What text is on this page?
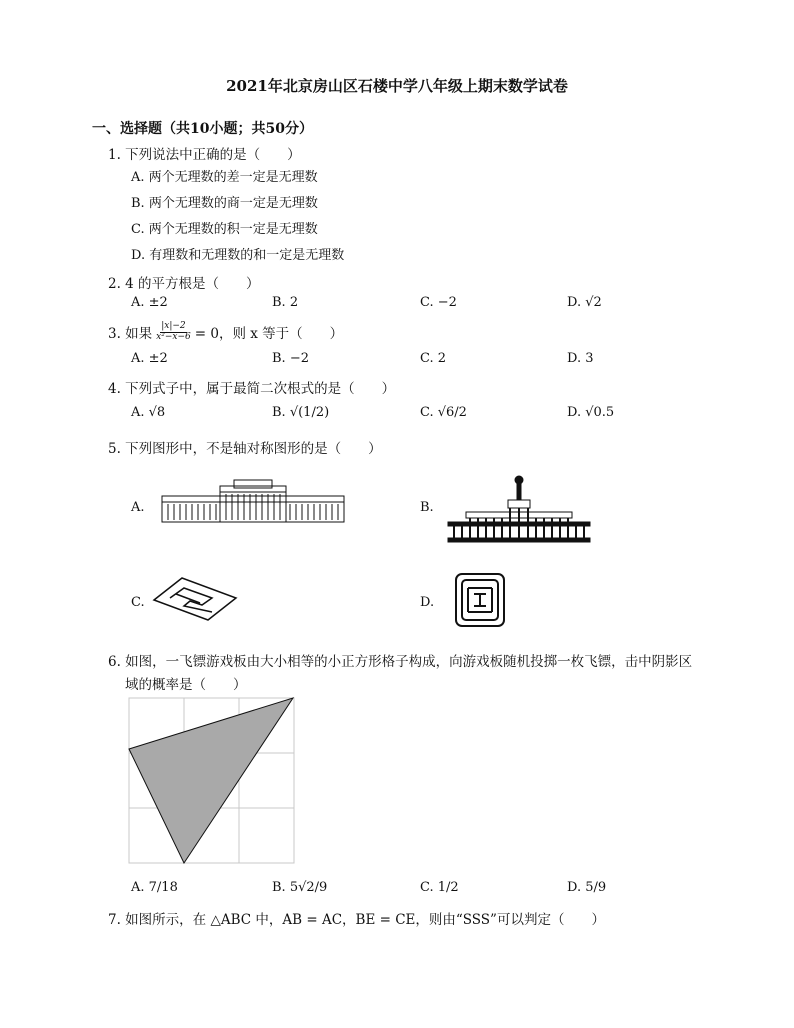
2021年北京房山区石楼中学八年级上期末数学试卷
一、选择题（共10小题；共50分）
1. 下列说法中正确的是（　　）
A. 两个无理数的差一定是无理数
B. 两个无理数的商一定是无理数
C. 两个无理数的积一定是无理数
D. 有理数和无理数的和一定是无理数
2. 4 的平方根是（　　）
A. ±2	B. 2	C. −2	D. √2
3. 如果 $\frac{|x|-2}{\text{x²−x−6}} = 0$，则 x 等于（　　）
A. ±2	B. −2	C. 2	D. 3
4. 下列式子中，属于最简二次根式的是（　　）
A. √8	B. √(1/2)	C. √6/2	D. √0.5
5. 下列图形中，不是轴对称图形的是（　　）
A.	B.
C.	D.
6. 如图，一飞镖游戏板由大小相等的小正方形格子构成，向游戏板随机投掷一枚飞镖，击中阴影区
域的概率是（　　）
A. 7/18	B. 5√2/9	C. 1/2	D. 5/9
7. 如图所示，在 △ABC 中，AB = AC，BE = CE，则由“SSS”可以判定（　　）
